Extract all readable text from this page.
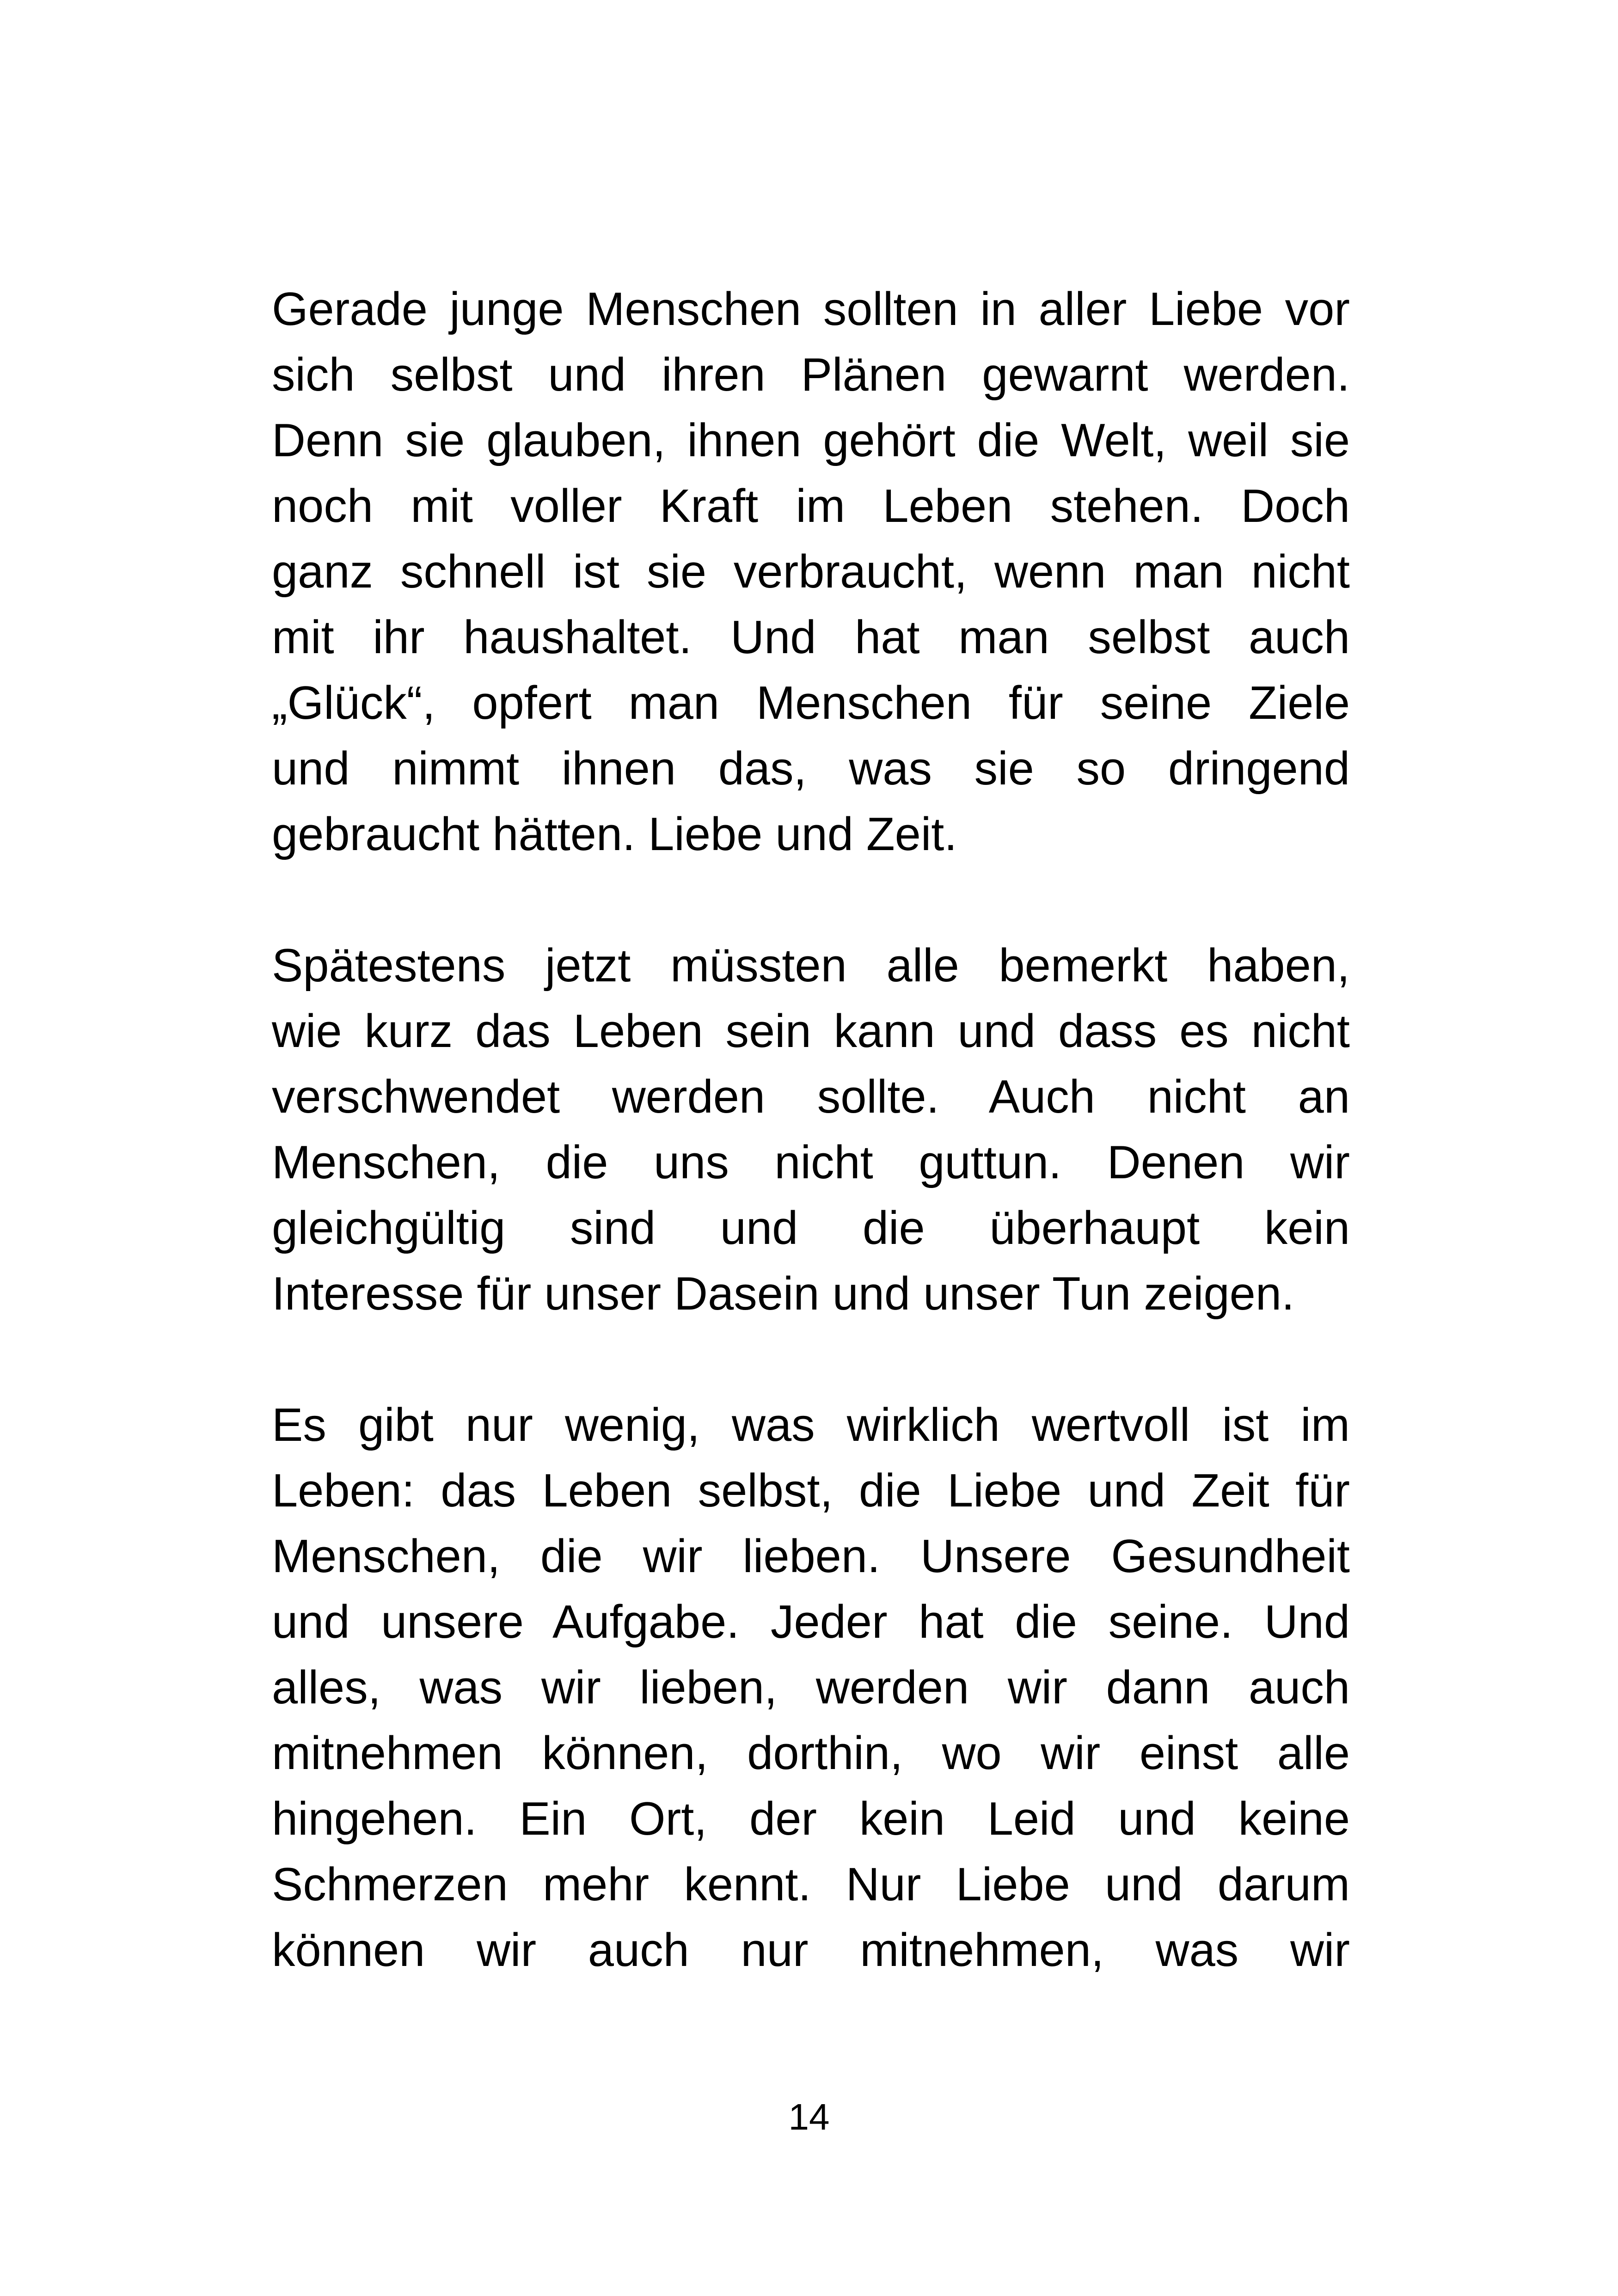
Gerade junge Menschen sollten in aller Liebe vor
sich selbst und ihren Plänen gewarnt werden.
Denn sie glauben, ihnen gehört die Welt, weil sie
noch mit voller Kraft im Leben stehen. Doch
ganz schnell ist sie verbraucht, wenn man nicht
mit ihr haushaltet. Und hat man selbst auch
„Glück“, opfert man Menschen für seine Ziele
und nimmt ihnen das, was sie so dringend
gebraucht hätten. Liebe und Zeit.

Spätestens jetzt müssten alle bemerkt haben,
wie kurz das Leben sein kann und dass es nicht
verschwendet werden sollte. Auch nicht an
Menschen, die uns nicht guttun. Denen wir
gleichgültig sind und die überhaupt kein
Interesse für unser Dasein und unser Tun zeigen.

Es gibt nur wenig, was wirklich wertvoll ist im
Leben: das Leben selbst, die Liebe und Zeit für
Menschen, die wir lieben. Unsere Gesundheit
und unsere Aufgabe. Jeder hat die seine. Und
alles, was wir lieben, werden wir dann auch
mitnehmen können, dorthin, wo wir einst alle
hingehen. Ein Ort, der kein Leid und keine
Schmerzen mehr kennt. Nur Liebe und darum
können wir auch nur mitnehmen, was wir

14
